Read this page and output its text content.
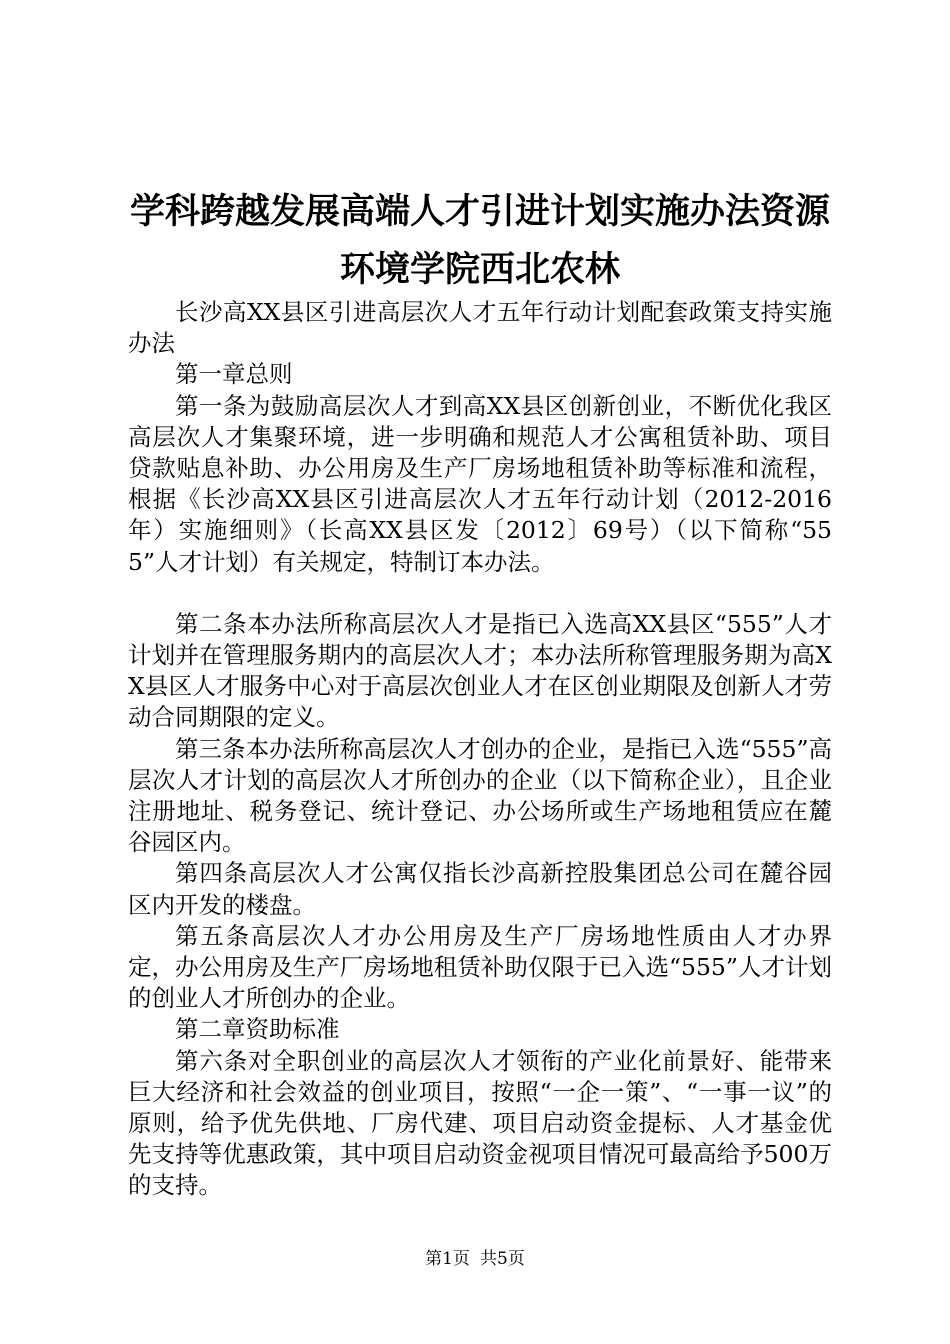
学科跨越发展高端人才引进计划实施办法资源
环境学院西北农林

长沙高XX县区引进高层次人才五年行动计划配套政策支持实施办法

第一章总则

第一条为鼓励高层次人才到高XX县区创新创业，不断优化我区高层次人才集聚环境，进一步明确和规范人才公寓租赁补助、项目贷款贴息补助、办公用房及生产厂房场地租赁补助等标准和流程，根据《长沙高XX县区引进高层次人才五年行动计划（2012-2016年）实施细则》（长高XX县区发〔2012〕69号）（以下简称“555”人才计划）有关规定，特制订本办法。

第二条本办法所称高层次人才是指已入选高XX县区“555”人才计划并在管理服务期内的高层次人才；本办法所称管理服务期为高XX县区人才服务中心对于高层次创业人才在区创业期限及创新人才劳动合同期限的定义。

第三条本办法所称高层次人才创办的企业，是指已入选“555”高层次人才计划的高层次人才所创办的企业（以下简称企业），且企业注册地址、税务登记、统计登记、办公场所或生产场地租赁应在麓谷园区内。

第四条高层次人才公寓仅指长沙高新控股集团总公司在麓谷园区内开发的楼盘。

第五条高层次人才办公用房及生产厂房场地性质由人才办界定，办公用房及生产厂房场地租赁补助仅限于已入选“555”人才计划的创业人才所创办的企业。

第二章资助标准

第六条对全职创业的高层次人才领衔的产业化前景好、能带来巨大经济和社会效益的创业项目，按照“一企一策”、“一事一议”的原则，给予优先供地、厂房代建、项目启动资金提标、人才基金优先支持等优惠政策，其中项目启动资金视项目情况可最高给予500万的支持。

第1页 共5页
